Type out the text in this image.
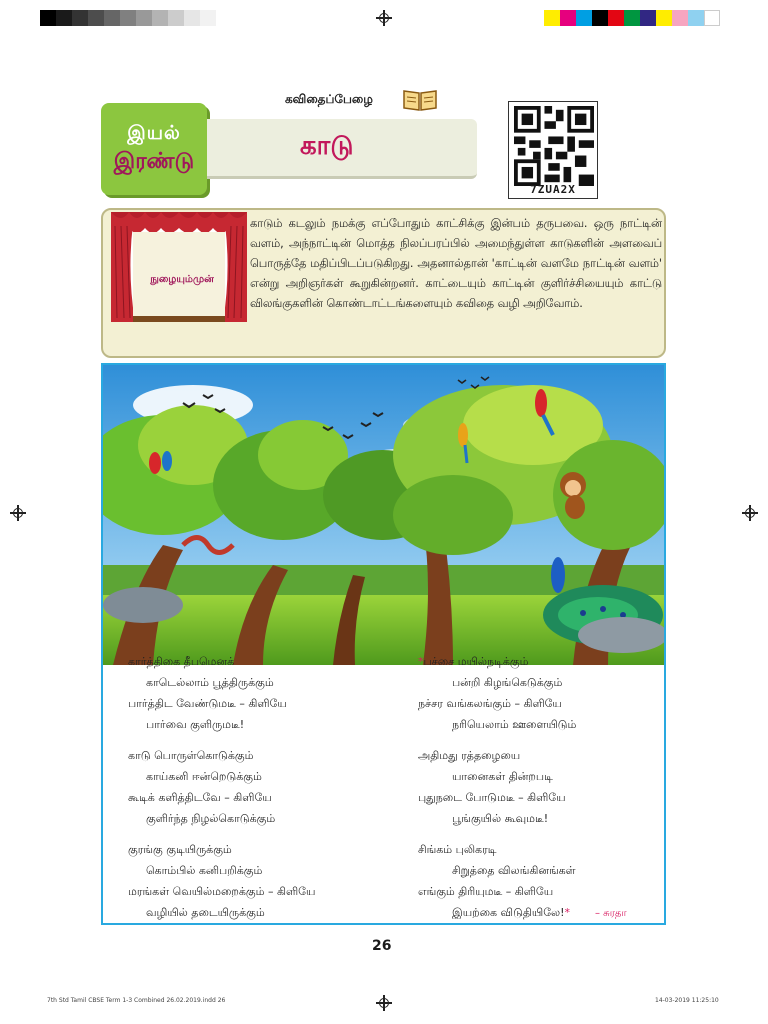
இயல்
இரண்டு
கவிதைப்பேழை
காடு
7ZUA2X
நுழையும்முன்
காடும் கடலும் நமக்கு எப்போதும் காட்சிக்கு இன்பம் தருபவை. ஒரு நாட்டின் வளம், அந்நாட்டின் மொத்த நிலப்பரப்பில் அமைந்துள்ள காடுகளின் அளவைப் பொருத்தே மதிப்பிடப்படுகிறது. அதனால்தான் 'காட்டின் வளமே நாட்டின் வளம்' என்று அறிஞர்கள் கூறுகின்றனர். காட்டையும் காட்டின் குளிர்ச்சியையும் காட்டு விலங்குகளின் கொண்டாட்டங்களையும் கவிதை வழி அறிவோம்.
கார்த்திகை தீபமெனக்
காடெல்லாம் பூத்திருக்கும்
பார்த்திட வேண்டுமடீ – கிளியே
பார்வை குளிருமடீ!
காடு பொருள்கொடுக்கும்
காய்கனி ஈன்றெடுக்கும்
கூடிக் களித்திடவே – கிளியே
குளிர்ந்த நிழல்கொடுக்கும்
குரங்கு குடியிருக்கும்
கொம்பில் கனிபறிக்கும்
மரங்கள் வெயில்மறைக்கும் – கிளியே
வழியில் தடையிருக்கும்
*பச்சை மயில்நடிக்கும்
பன்றி கிழங்கெடுக்கும்
நச்சர வங்கலங்கும் – கிளியே
நரியெலாம் ஊளையிடும்
அதிமது ரத்தழையை
யானைகள் தின்றபடி
புதுநடை போடுமடீ – கிளியே
பூங்குயில் கூவுமடீ!
சிங்கம் புலிகரடி
சிறுத்தை விலங்கினங்கள்
எங்கும் திரியுமடீ – கிளியே
இயற்கை விடுதியிலே!* – சுரதா
26
7th Std Tamil CBSE Term 1-3 Combined 26.02.2019.indd 26	14-03-2019 11:25:10
